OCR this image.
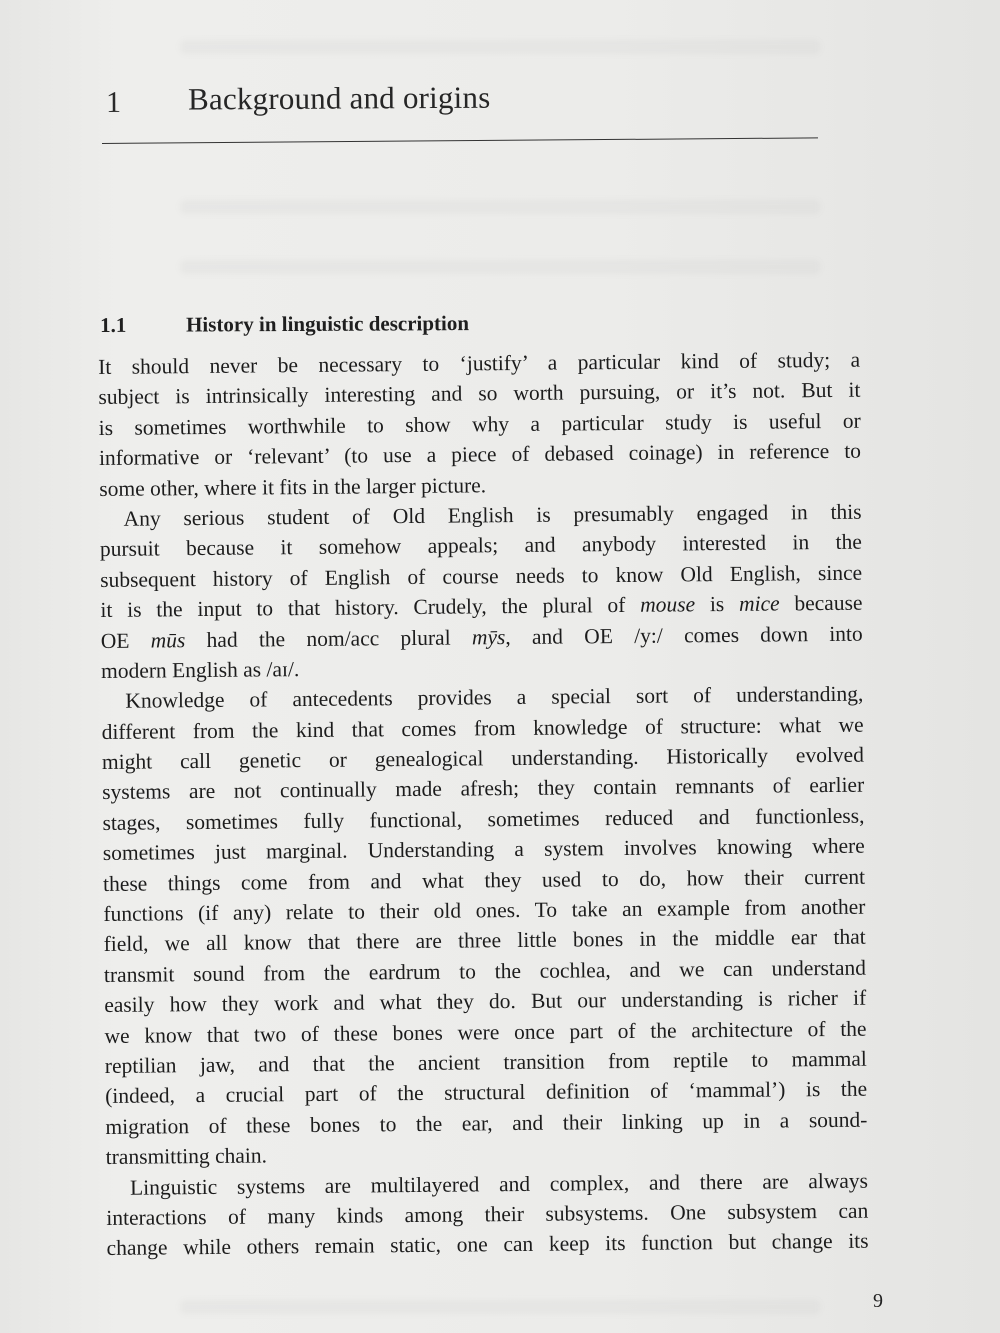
1 Background and origins
1.1	History in linguistic description
It should never be necessary to ‘justify’ a particular kind of study; a
subject is intrinsically interesting and so worth pursuing, or it’s not. But it
is sometimes worthwhile to show why a particular study is useful or
informative or ‘relevant’ (to use a piece of debased coinage) in reference to
some other, where it fits in the larger picture.
Any serious student of Old English is presumably engaged in this
pursuit because it somehow appeals; and anybody interested in the
subsequent history of English of course needs to know Old English, since
it is the input to that history. Crudely, the plural of mouse is mice because
OE mūs had the nom/acc plural mȳs, and OE /y:/ comes down into
modern English as /aɪ/.
Knowledge of antecedents provides a special sort of understanding,
different from the kind that comes from knowledge of structure: what we
might call genetic or genealogical understanding. Historically evolved
systems are not continually made afresh; they contain remnants of earlier
stages, sometimes fully functional, sometimes reduced and functionless,
sometimes just marginal. Understanding a system involves knowing where
these things come from and what they used to do, how their current
functions (if any) relate to their old ones. To take an example from another
field, we all know that there are three little bones in the middle ear that
transmit sound from the eardrum to the cochlea, and we can understand
easily how they work and what they do. But our understanding is richer if
we know that two of these bones were once part of the architecture of the
reptilian jaw, and that the ancient transition from reptile to mammal
(indeed, a crucial part of the structural definition of ‘mammal’) is the
migration of these bones to the ear, and their linking up in a sound-
transmitting chain.
Linguistic systems are multilayered and complex, and there are always
interactions of many kinds among their subsystems. One subsystem can
change while others remain static, one can keep its function but change its
9
